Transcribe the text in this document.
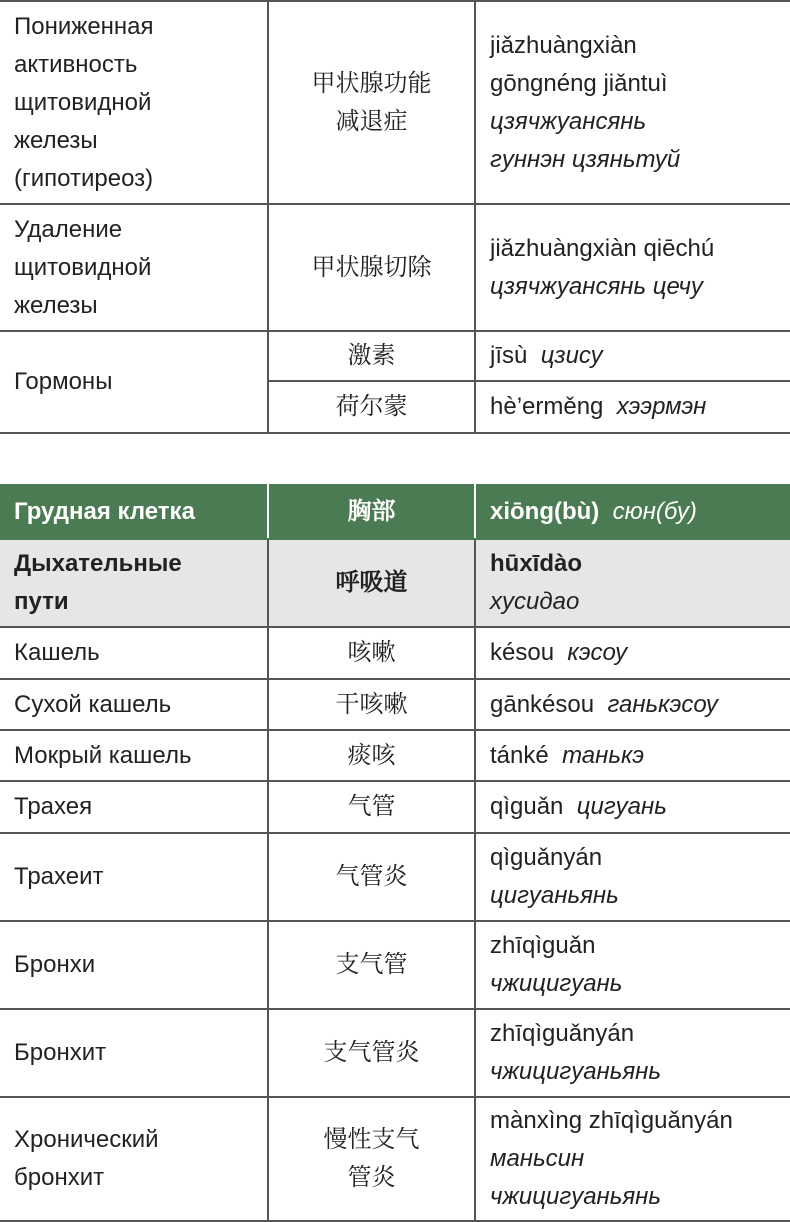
Пониженная
активность
щитовидной
железы
(гипотиреоз)	甲状腺功能
减退症	jiǎzhuàngxiàn
gōngnéng jiǎntuì
цзячжуансянь
гуннэн цзяньтуй

Удаление
щитовидной
железы	甲状腺切除	jiǎzhuàngxiàn qiēchú
цзячжуансянь цечу

Гормоны	激素	jīsù цзису
	荷尔蒙	hè’erměng хээрмэн
Грудная клетка	胸部	xiōng(bù) сюн(бу)

Дыхательные
пути	呼吸道	hūxīdào
хусидао

Кашель	咳嗽	késou кэсоу

Сухой кашель	干咳嗽	gānkésou ганькэсоу

Мокрый кашель	痰咳	tánké танькэ

Трахея	气管	qìguǎn цигуань

Трахеит	气管炎	qìguǎnyán
цигуаньянь

Бронхи	支气管	zhīqìguǎn
чжицигуань

Бронхит	支气管炎	zhīqìguǎnyán
чжицигуаньянь

Хронический
бронхит	慢性支气
管炎	mànxìng zhīqìguǎnyán
маньсин
чжицигуаньянь
